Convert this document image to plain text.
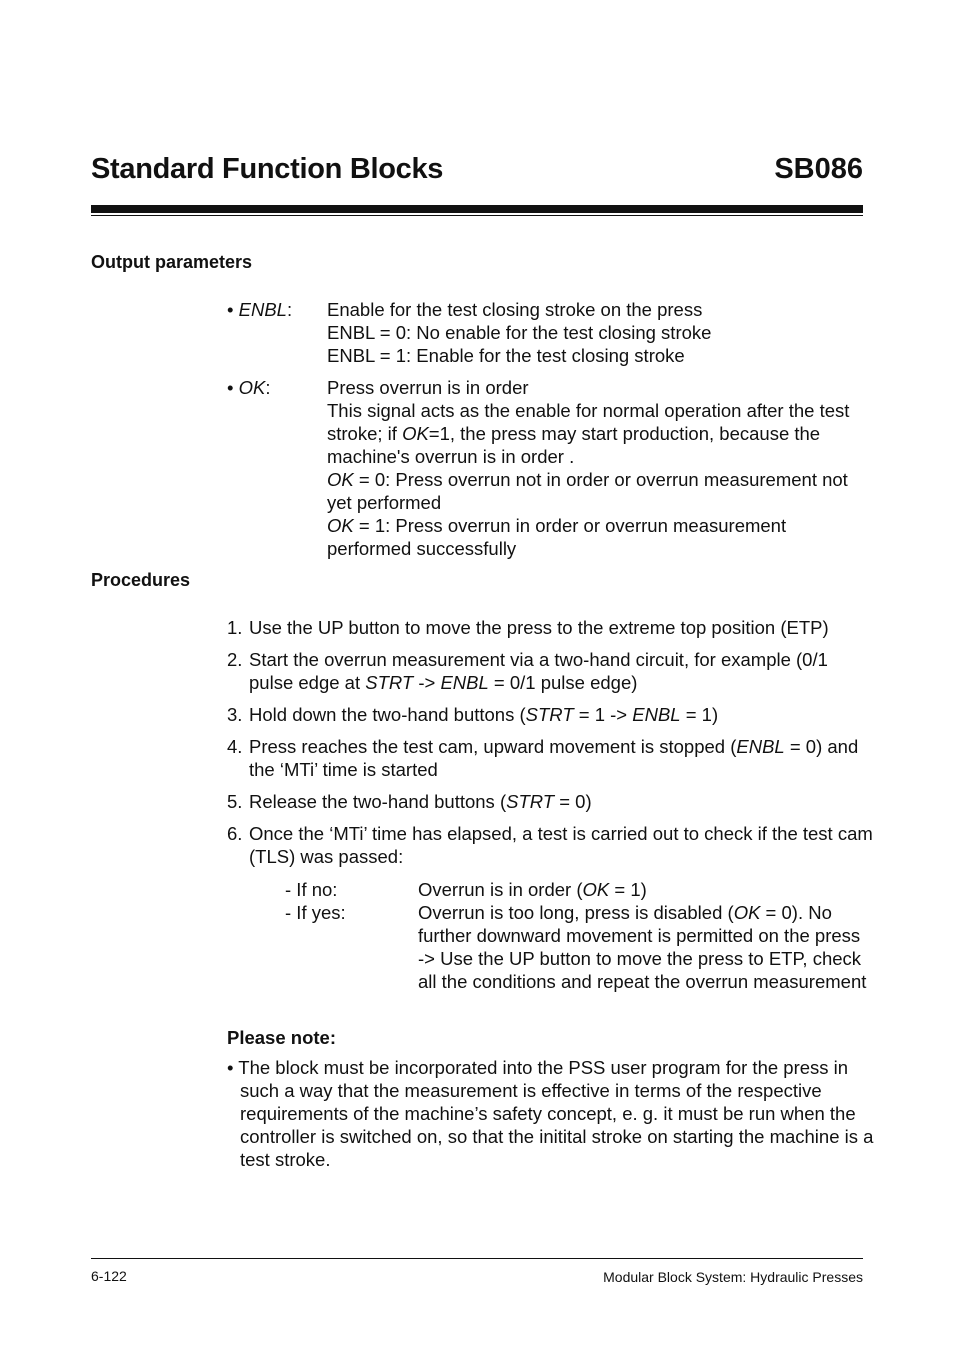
Standard Function Blocks	SB086
Output parameters
• ENBL: Enable for the test closing stroke on the press
ENBL = 0: No enable for the test closing stroke
ENBL = 1: Enable for the test closing stroke
• OK:	Press overrun is in order
This signal acts as the enable for normal operation after the test stroke; if OK=1, the press may start production, because the machine's overrun is in order .
OK = 0: Press overrun not in order or overrun measurement not yet performed
OK = 1: Press overrun in order or overrun measurement performed successfully
Procedures
1. Use the UP button to move the press to the extreme top position (ETP)
2. Start the overrun measurement via a two-hand circuit, for example (0/1 pulse edge at STRT -> ENBL = 0/1 pulse edge)
3. Hold down the two-hand buttons (STRT = 1 -> ENBL = 1)
4. Press reaches the test cam, upward movement is stopped (ENBL = 0) and the ‘MTi’ time is started
5. Release the two-hand buttons (STRT = 0)
6. Once the ‘MTi’ time has elapsed, a test is carried out to check if the test cam (TLS) was passed:
- If no:	Overrun is in order (OK = 1)
- If yes:	Overrun is too long, press is disabled (OK = 0). No further downward movement is permitted on the press -> Use the UP button to move the press to ETP, check all the conditions and repeat the overrun measurement
Please note:
• The block must be incorporated into the PSS user program for the press in such a way that the measurement is effective in terms of the respective requirements of the machine’s safety concept, e. g. it must be run when the controller is switched on, so that the initital stroke on starting the machine is a test stroke.
6-122	Modular Block System: Hydraulic Presses
